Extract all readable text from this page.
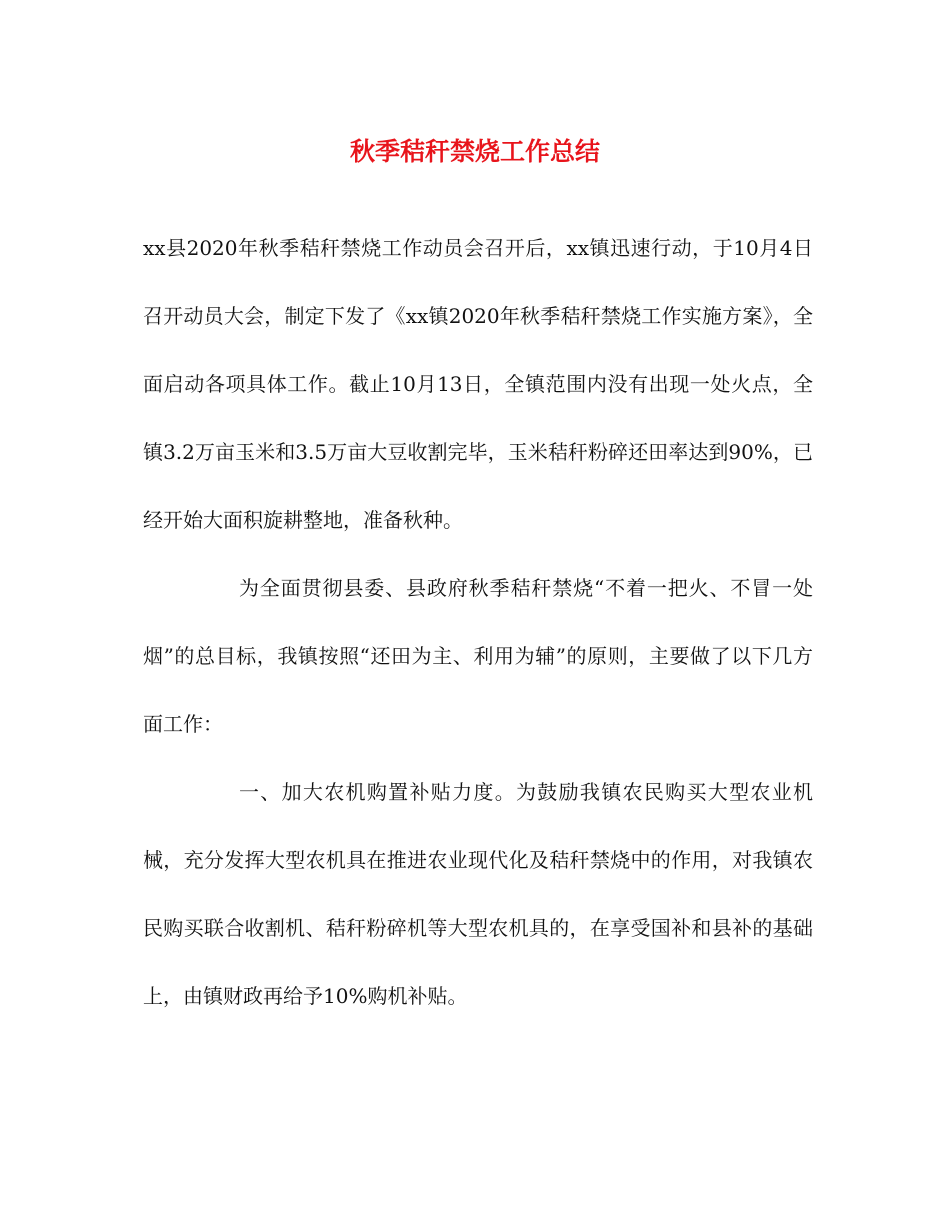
秋季秸秆禁烧工作总结

xx县2020年秋季秸秆禁烧工作动员会召开后，xx镇迅速行动，于10月4日召开动员大会，制定下发了《xx镇2020年秋季秸秆禁烧工作实施方案》，全面启动各项具体工作。截止10月13日，全镇范围内没有出现一处火点，全镇3.2万亩玉米和3.5万亩大豆收割完毕，玉米秸秆粉碎还田率达到90%，已经开始大面积旋耕整地，准备秋种。

为全面贯彻县委、县政府秋季秸秆禁烧“不着一把火、不冒一处烟”的总目标，我镇按照“还田为主、利用为辅”的原则，主要做了以下几方面工作：

一、加大农机购置补贴力度。为鼓励我镇农民购买大型农业机械，充分发挥大型农机具在推进农业现代化及秸秆禁烧中的作用，对我镇农民购买联合收割机、秸秆粉碎机等大型农机具的，在享受国补和县补的基础上，由镇财政再给予10%购机补贴。
